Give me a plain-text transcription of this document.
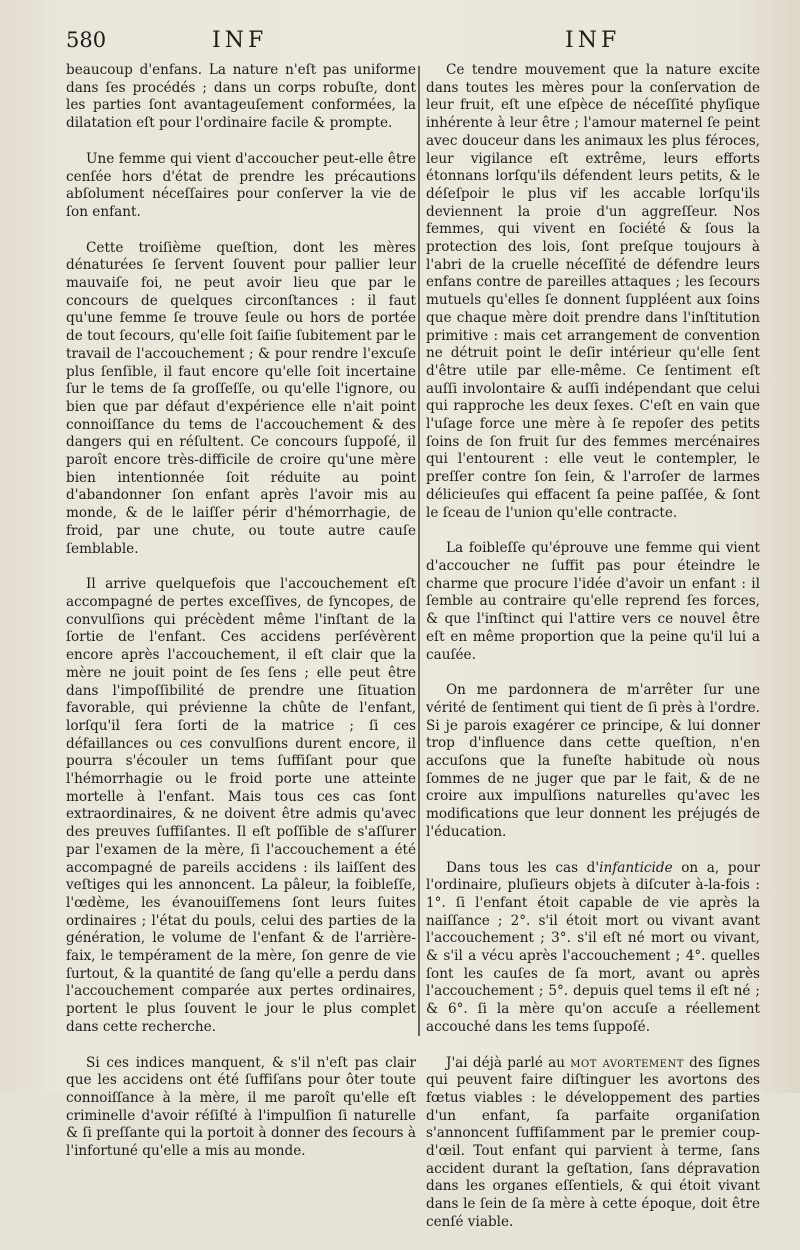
580	INF	INF

beaucoup d'enfans. La nature n'eſt pas uniforme dans ſes procédés ; dans un corps robuſte, dont les parties ſont avantageuſement conformées, la dilatation eſt pour l'ordinaire facile & prompte.

Une femme qui vient d'accoucher peut-elle être cenſée hors d'état de prendre les précautions abſolument néceſſaires pour conſerver la vie de ſon enfant.

Cette troiſième queſtion, dont les mères dénaturées ſe ſervent ſouvent pour pallier leur mauvaiſe foi, ne peut avoir lieu que par le concours de quelques circonſtances : il faut qu'une femme ſe trouve ſeule ou hors de portée de tout ſecours, qu'elle ſoit ſaiſie ſubitement par le travail de l'accouchement ; & pour rendre l'excuſe plus ſenſible, il faut encore qu'elle ſoit incertaine ſur le tems de ſa groſſeſſe, ou qu'elle l'ignore, ou bien que par défaut d'expérience elle n'ait point connoiſſance du tems de l'accouchement & des dangers qui en réſultent. Ce concours ſuppoſé, il paroît encore très-difficile de croire qu'une mère bien intentionnée ſoit réduite au point d'abandonner ſon enfant après l'avoir mis au monde, & de le laiſſer périr d'hémorrhagie, de froid, par une chute, ou toute autre cauſe ſemblable.

Il arrive quelquefois que l'accouchement eſt accompagné de pertes exceſſives, de ſyncopes, de convulſions qui précèdent même l'inſtant de la ſortie de l'enfant. Ces accidens perſévèrent encore après l'accouchement, il eſt clair que la mère ne jouit point de ſes ſens ; elle peut être dans l'impoſſibilité de prendre une ſituation favorable, qui prévienne la chûte de l'enfant, lorſqu'il ſera ſorti de la matrice ; ſi ces défaillances ou ces convulſions durent encore, il pourra s'écouler un tems ſuffiſant pour que l'hémorrhagie ou le froid porte une atteinte mortelle à l'enfant. Mais tous ces cas ſont extraordinaires, & ne doivent être admis qu'avec des preuves ſuffiſantes. Il eſt poſſible de s'aſſurer par l'examen de la mère, ſi l'accouchement a été accompagné de pareils accidens : ils laiſſent des veſtiges qui les annoncent. La pâleur, la foibleſſe, l'œdème, les évanouiſſemens ſont leurs ſuites ordinaires ; l'état du pouls, celui des parties de la génération, le volume de l'enfant & de l'arrière-faix, le tempérament de la mère, ſon genre de vie ſurtout, & la quantité de ſang qu'elle a perdu dans l'accouchement comparée aux pertes ordinaires, portent le plus ſouvent le jour le plus complet dans cette recherche.

Si ces indices manquent, & s'il n'eſt pas clair que les accidens ont été ſuffiſans pour ôter toute connoiſſance à la mère, il me paroît qu'elle eſt criminelle d'avoir réſiſté à l'impulſion ſi naturelle & ſi preſſante qui la portoit à donner des ſecours à l'infortuné qu'elle a mis au monde.

Ce tendre mouvement que la nature excite dans toutes les mères pour la conſervation de leur fruit, eſt une eſpèce de néceſſité phyſique inhérente à leur être ; l'amour maternel ſe peint avec douceur dans les animaux les plus féroces, leur vigilance eſt extrême, leurs efforts étonnans lorſqu'ils défendent leurs petits, & le déſeſpoir le plus vif les accable lorſqu'ils deviennent la proie d'un aggreſſeur. Nos femmes, qui vivent en ſociété & ſous la protection des lois, ſont preſque toujours à l'abri de la cruelle néceſſité de défendre leurs enfans contre de pareilles attaques ; les ſecours mutuels qu'elles ſe donnent ſuppléent aux ſoins que chaque mère doit prendre dans l'inſtitution primitive : mais cet arrangement de convention ne détruit point le deſir intérieur qu'elle ſent d'être utile par elle-même. Ce ſentiment eſt auſſi involontaire & auſſi indépendant que celui qui rapproche les deux ſexes. C'eſt en vain que l'uſage force une mère à ſe repoſer des petits ſoins de ſon fruit ſur des femmes mercénaires qui l'entourent : elle veut le contempler, le preſſer contre ſon ſein, & l'arroſer de larmes délicieuſes qui effacent ſa peine paſſée, & ſont le ſceau de l'union qu'elle contracte.

La foibleſſe qu'éprouve une femme qui vient d'accoucher ne ſuffit pas pour éteindre le charme que procure l'idée d'avoir un enfant : il ſemble au contraire qu'elle reprend ſes forces, & que l'inſtinct qui l'attire vers ce nouvel être eſt en même proportion que la peine qu'il lui a cauſée.

On me pardonnera de m'arrêter ſur une vérité de ſentiment qui tient de ſi près à l'ordre. Si je parois exagérer ce principe, & lui donner trop d'influence dans cette queſtion, n'en accuſons que la funeſte habitude où nous ſommes de ne juger que par le fait, & de ne croire aux impulſions naturelles qu'avec les modifications que leur donnent les préjugés de l'éducation.

Dans tous les cas d'infanticide on a, pour l'ordinaire, pluſieurs objets à diſcuter à-la-fois : 1°. ſi l'enfant étoit capable de vie après la naiſſance ; 2°. s'il étoit mort ou vivant avant l'accouchement ; 3°. s'il eſt né mort ou vivant, & s'il a vécu après l'accouchement ; 4°. quelles ſont les cauſes de ſa mort, avant ou après l'accouchement ; 5°. depuis quel tems il eſt né ; & 6°. ſi la mère qu'on accuſe a réellement accouché dans les tems ſuppoſé.

J'ai déjà parlé au mot avortement des ſignes qui peuvent faire diſtinguer les avortons des fœtus viables : le développement des parties d'un enfant, ſa parfaite organiſation s'annoncent ſuffiſamment par le premier coup-d'œil. Tout enfant qui parvient à terme, ſans accident durant la geſtation, ſans dépravation dans les organes eſſentiels, & qui étoit vivant dans le ſein de ſa mère à cette époque, doit être cenſé viable.
